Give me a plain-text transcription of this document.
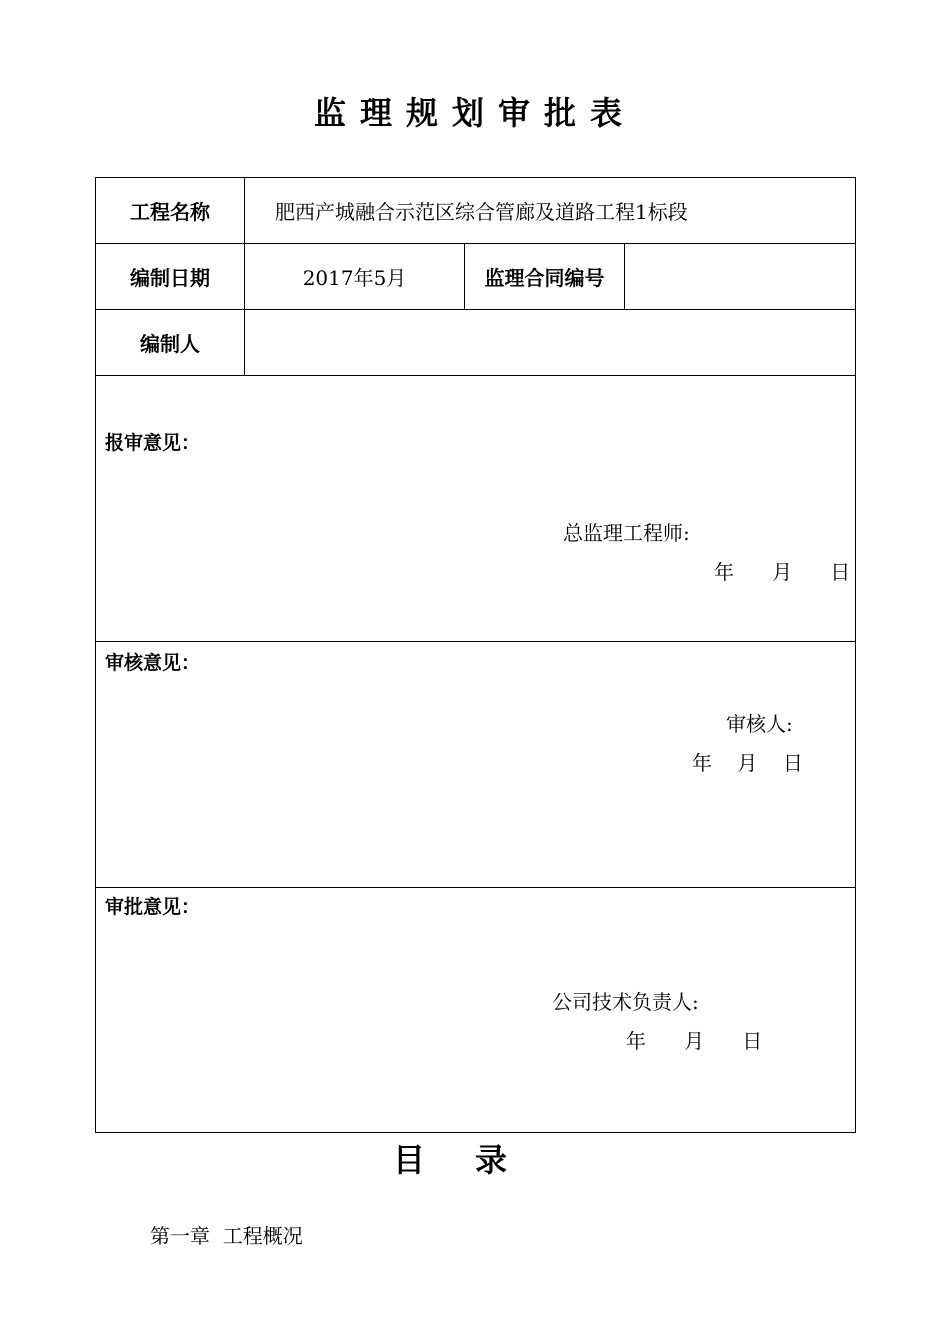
监理规划审批表
工程名称	肥西产城融合示范区综合管廊及道路工程1标段
编制日期	2017年5月	监理合同编号
编制人
报审意见：
总监理工程师:
年      月      日
审核意见：
审核人:
年    月    日
审批意见：
公司技术负责人:
年      月      日
目录
第一章  工程概况
